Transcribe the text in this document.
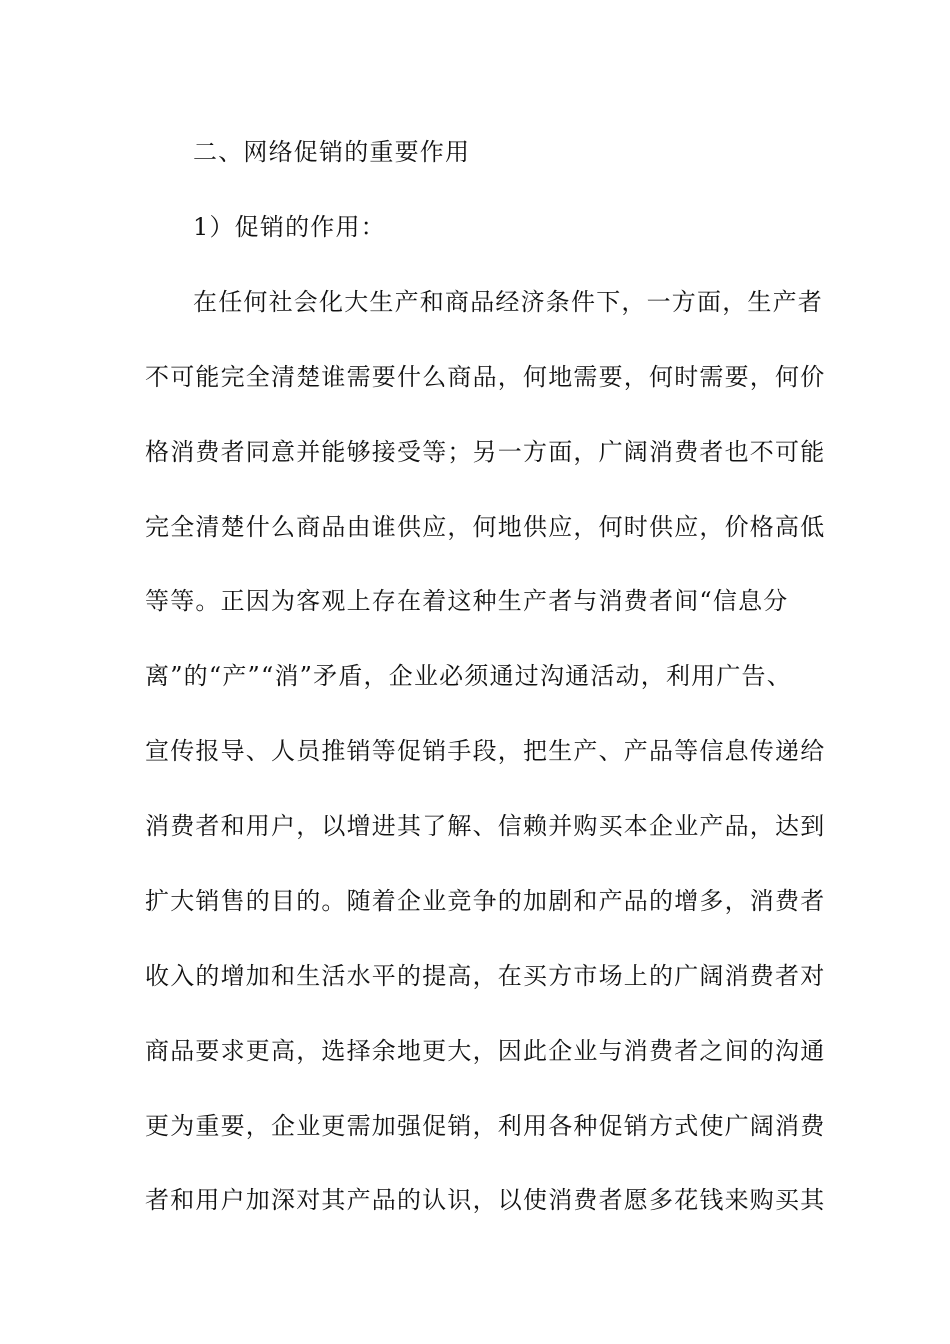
二、网络促销的重要作用
1）促销的作用：
在任何社会化大生产和商品经济条件下，一方面，生产者
不可能完全清楚谁需要什么商品，何地需要，何时需要，何价
格消费者同意并能够接受等；另一方面，广阔消费者也不可能
完全清楚什么商品由谁供应，何地供应，何时供应，价格高低
等等。正因为客观上存在着这种生产者与消费者间“信息分
离”的“产”“消”矛盾，企业必须通过沟通活动，利用广告、
宣传报导、人员推销等促销手段，把生产、产品等信息传递给
消费者和用户，以增进其了解、信赖并购买本企业产品，达到
扩大销售的目的。随着企业竞争的加剧和产品的增多，消费者
收入的增加和生活水平的提高，在买方市场上的广阔消费者对
商品要求更高，选择余地更大，因此企业与消费者之间的沟通
更为重要，企业更需加强促销，利用各种促销方式使广阔消费
者和用户加深对其产品的认识，以使消费者愿多花钱来购买其
